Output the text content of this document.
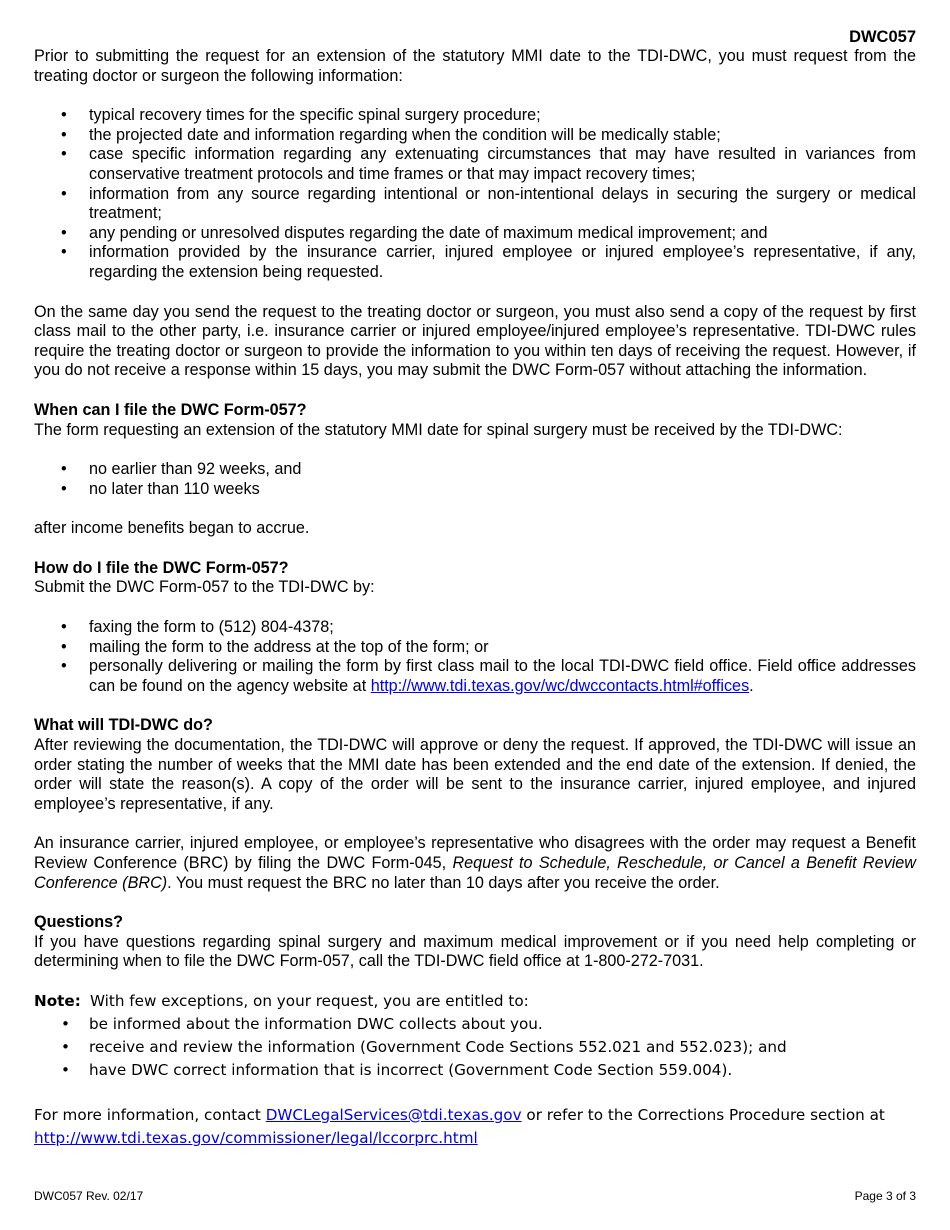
DWC057

Prior to submitting the request for an extension of the statutory MMI date to the TDI-DWC, you must request from the treating doctor or surgeon the following information:

• typical recovery times for the specific spinal surgery procedure;
• the projected date and information regarding when the condition will be medically stable;
• case specific information regarding any extenuating circumstances that may have resulted in variances from conservative treatment protocols and time frames or that may impact recovery times;
• information from any source regarding intentional or non-intentional delays in securing the surgery or medical treatment;
• any pending or unresolved disputes regarding the date of maximum medical improvement; and
• information provided by the insurance carrier, injured employee or injured employee’s representative, if any, regarding the extension being requested.

On the same day you send the request to the treating doctor or surgeon, you must also send a copy of the request by first class mail to the other party, i.e. insurance carrier or injured employee/injured employee’s representative. TDI-DWC rules require the treating doctor or surgeon to provide the information to you within ten days of receiving the request. However, if you do not receive a response within 15 days, you may submit the DWC Form-057 without attaching the information.

When can I file the DWC Form-057?

The form requesting an extension of the statutory MMI date for spinal surgery must be received by the TDI-DWC:

• no earlier than 92 weeks, and
• no later than 110 weeks

after income benefits began to accrue.

How do I file the DWC Form-057?

Submit the DWC Form-057 to the TDI-DWC by:

• faxing the form to (512) 804-4378;
• mailing the form to the address at the top of the form; or
• personally delivering or mailing the form by first class mail to the local TDI-DWC field office. Field office addresses can be found on the agency website at http://www.tdi.texas.gov/wc/dwccontacts.html#offices.
What will TDI-DWC do?

After reviewing the documentation, the TDI-DWC will approve or deny the request. If approved, the TDI-DWC will issue an order stating the number of weeks that the MMI date has been extended and the end date of the extension. If denied, the order will state the reason(s). A copy of the order will be sent to the insurance carrier, injured employee, and injured employee’s representative, if any.

An insurance carrier, injured employee, or employee’s representative who disagrees with the order may request a Benefit Review Conference (BRC) by filing the DWC Form-045, Request to Schedule, Reschedule, or Cancel a Benefit Review Conference (BRC). You must request the BRC no later than 10 days after you receive the order.

Questions?

If you have questions regarding spinal surgery and maximum medical improvement or if you need help completing or determining when to file the DWC Form-057, call the TDI-DWC field office at 1-800-272-7031.

Note: With few exceptions, on your request, you are entitled to:
• be informed about the information DWC collects about you.
• receive and review the information (Government Code Sections 552.021 and 552.023); and
• have DWC correct information that is incorrect (Government Code Section 559.004).

For more information, contact DWCLegalServices@tdi.texas.gov or refer to the Corrections Procedure section at http://www.tdi.texas.gov/commissioner/legal/lccorprc.html

DWC057 Rev. 02/17	Page 3 of 3
